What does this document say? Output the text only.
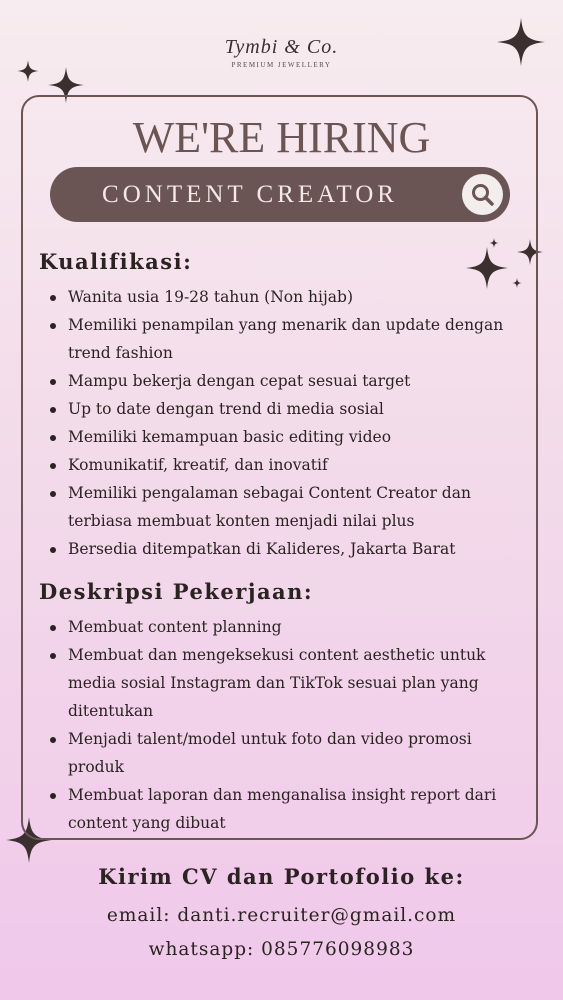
Tymbi & Co.
PREMIUM JEWELLERY
WE'RE HIRING
CONTENT CREATOR
Kualifikasi:
Wanita usia 19-28 tahun (Non hijab)
Memiliki penampilan yang menarik dan update dengan trend fashion
Mampu bekerja dengan cepat sesuai target
Up to date dengan trend di media sosial
Memiliki kemampuan basic editing video
Komunikatif, kreatif, dan inovatif
Memiliki pengalaman sebagai Content Creator dan terbiasa membuat konten menjadi nilai plus
Bersedia ditempatkan di Kalideres, Jakarta Barat
Deskripsi Pekerjaan:
Membuat content planning
Membuat dan mengeksekusi content aesthetic untuk media sosial Instagram dan TikTok sesuai plan yang ditentukan
Menjadi talent/model untuk foto dan video promosi produk
Membuat laporan dan menganalisa insight report dari content yang dibuat
Kirim CV dan Portofolio ke:
email: danti.recruiter@gmail.com
whatsapp: 085776098983
